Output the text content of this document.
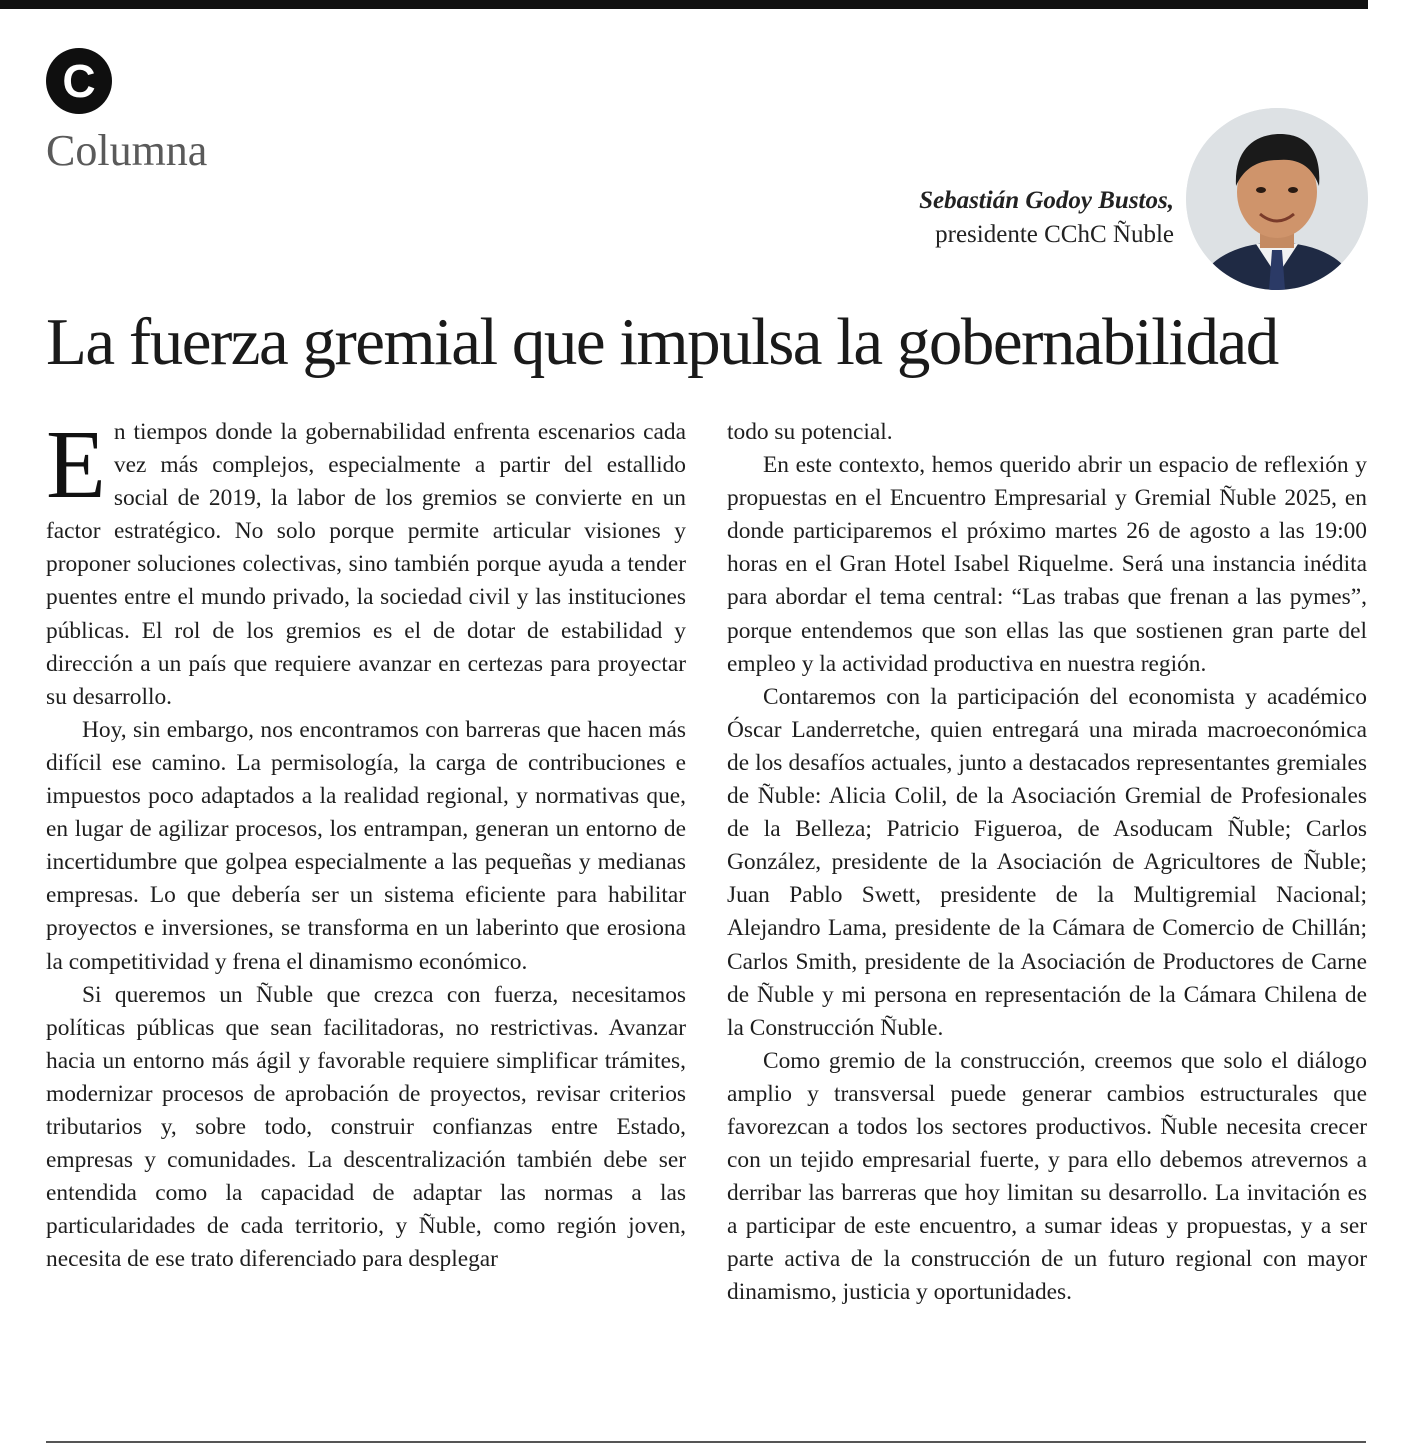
C
Columna
Sebastián Godoy Bustos,
presidente CChC Ñuble
La fuerza gremial que impulsa la gobernabilidad

En tiempos donde la gobernabilidad enfrenta escenarios cada vez más complejos, especialmente a partir del estallido social de 2019, la labor de los gremios se convierte en un factor estratégico. No solo porque permite articular visiones y proponer soluciones colectivas, sino también porque ayuda a tender puentes entre el mundo privado, la sociedad civil y las instituciones públicas. El rol de los gremios es el de dotar de estabilidad y dirección a un país que requiere avanzar en certezas para proyectar su desarrollo.

Hoy, sin embargo, nos encontramos con barreras que hacen más difícil ese camino. La permisología, la carga de contribuciones e impuestos poco adaptados a la realidad regional, y normativas que, en lugar de agilizar procesos, los entrampan, generan un entorno de incertidumbre que golpea especialmente a las pequeñas y medianas empresas. Lo que debería ser un sistema eficiente para habilitar proyectos e inversiones, se transforma en un laberinto que erosiona la competitividad y frena el dinamismo económico.

Si queremos un Ñuble que crezca con fuerza, necesitamos políticas públicas que sean facilitadoras, no restrictivas. Avanzar hacia un entorno más ágil y favorable requiere simplificar trámites, modernizar procesos de aprobación de proyectos, revisar criterios tributarios y, sobre todo, construir confianzas entre Estado, empresas y comunidades. La descentralización también debe ser entendida como la capacidad de adaptar las normas a las particularidades de cada territorio, y Ñuble, como región joven, necesita de ese trato diferenciado para desplegar

todo su potencial.

En este contexto, hemos querido abrir un espacio de reflexión y propuestas en el Encuentro Empresarial y Gremial Ñuble 2025, en donde participaremos el próximo martes 26 de agosto a las 19:00 horas en el Gran Hotel Isabel Riquelme. Será una instancia inédita para abordar el tema central: “Las trabas que frenan a las pymes”, porque entendemos que son ellas las que sostienen gran parte del empleo y la actividad productiva en nuestra región.

Contaremos con la participación del economista y académico Óscar Landerretche, quien entregará una mirada macroeconómica de los desafíos actuales, junto a destacados representantes gremiales de Ñuble: Alicia Colil, de la Asociación Gremial de Profesionales de la Belleza; Patricio Figueroa, de Asoducam Ñuble; Carlos González, presidente de la Asociación de Agricultores de Ñuble; Juan Pablo Swett, presidente de la Multigremial Nacional; Alejandro Lama, presidente de la Cámara de Comercio de Chillán; Carlos Smith, presidente de la Asociación de Productores de Carne de Ñuble y mi persona en representación de la Cámara Chilena de la Construcción Ñuble.

Como gremio de la construcción, creemos que solo el diálogo amplio y transversal puede generar cambios estructurales que favorezcan a todos los sectores productivos. Ñuble necesita crecer con un tejido empresarial fuerte, y para ello debemos atrevernos a derribar las barreras que hoy limitan su desarrollo. La invitación es a participar de este encuentro, a sumar ideas y propuestas, y a ser parte activa de la construcción de un futuro regional con mayor dinamismo, justicia y oportunidades.
